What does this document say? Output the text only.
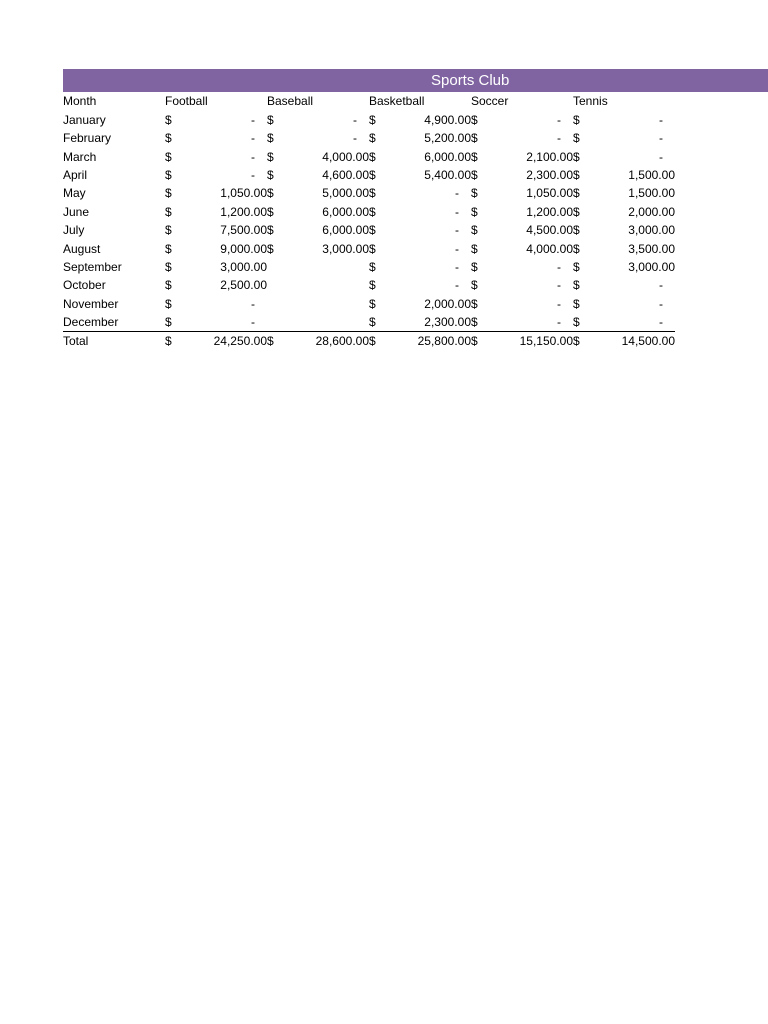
Sports Club
Month	Football		Baseball		Basketball		Soccer		Tennis	
January	$	-	$	-	$	4,900.00	$	-	$	-
February	$	-	$	-	$	5,200.00	$	-	$	-
March	$	-	$	4,000.00	$	6,000.00	$	2,100.00	$	-
April	$	-	$	4,600.00	$	5,400.00	$	2,300.00	$	1,500.00
May	$	1,050.00	$	5,000.00	$	-	$	1,050.00	$	1,500.00
June	$	1,200.00	$	6,000.00	$	-	$	1,200.00	$	2,000.00
July	$	7,500.00	$	6,000.00	$	-	$	4,500.00	$	3,000.00
August	$	9,000.00	$	3,000.00	$	-	$	4,000.00	$	3,500.00
September	$	3,000.00			$	-	$	-	$	3,000.00
October	$	2,500.00			$	-	$	-	$	-
November	$	-			$	2,000.00	$	-	$	-
December	$	-			$	2,300.00	$	-	$	-
Total	$	24,250.00	$	28,600.00	$	25,800.00	$	15,150.00	$	14,500.00
